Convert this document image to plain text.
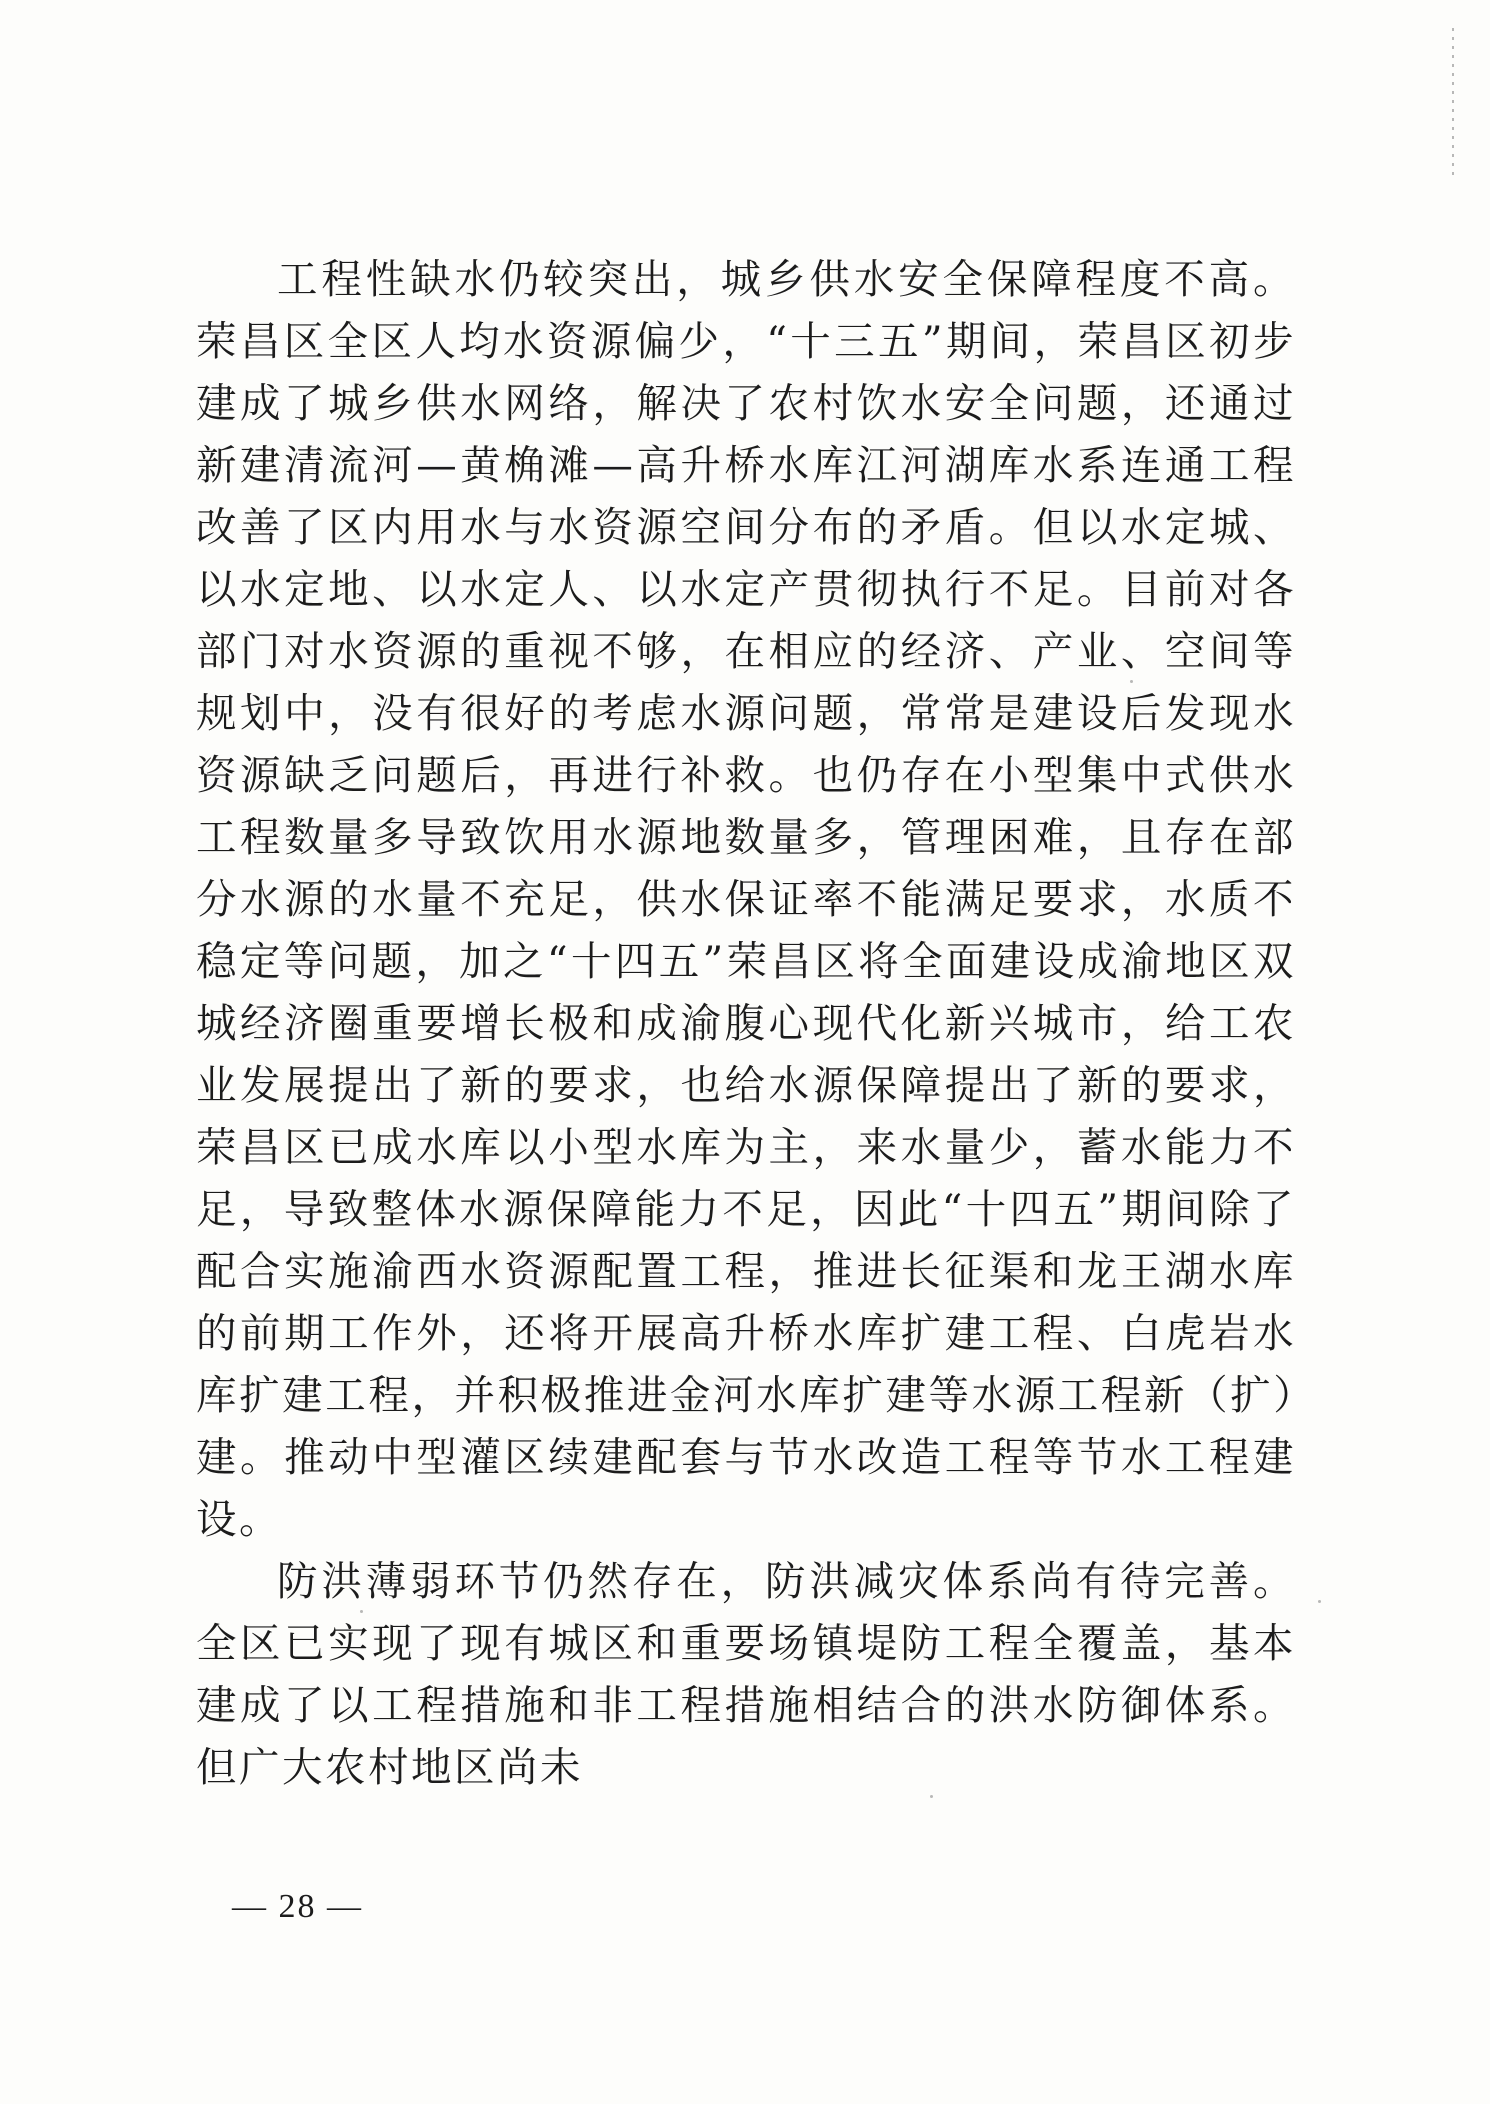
工程性缺水仍较突出，城乡供水安全保障程度不高。荣昌区全区人均水资源偏少，“十三五”期间，荣昌区初步建成了城乡供水网络，解决了农村饮水安全问题，还通过新建清流河—黄桷滩—高升桥水库江河湖库水系连通工程改善了区内用水与水资源空间分布的矛盾。但以水定城、以水定地、以水定人、以水定产贯彻执行不足。目前对各部门对水资源的重视不够，在相应的经济、产业、空间等规划中，没有很好的考虑水源问题，常常是建设后发现水资源缺乏问题后，再进行补救。也仍存在小型集中式供水工程数量多导致饮用水源地数量多，管理困难，且存在部分水源的水量不充足，供水保证率不能满足要求，水质不稳定等问题，加之“十四五”荣昌区将全面建设成渝地区双城经济圈重要增长极和成渝腹心现代化新兴城市，给工农业发展提出了新的要求，也给水源保障提出了新的要求，荣昌区已成水库以小型水库为主，来水量少，蓄水能力不足，导致整体水源保障能力不足，因此“十四五”期间除了配合实施渝西水资源配置工程，推进长征渠和龙王湖水库的前期工作外，还将开展高升桥水库扩建工程、白虎岩水库扩建工程，并积极推进金河水库扩建等水源工程新（扩）建。推动中型灌区续建配套与节水改造工程等节水工程建设。

防洪薄弱环节仍然存在，防洪减灾体系尚有待完善。全区已实现了现有城区和重要场镇堤防工程全覆盖，基本建成了以工程措施和非工程措施相结合的洪水防御体系。但广大农村地区尚未

— 28 —
